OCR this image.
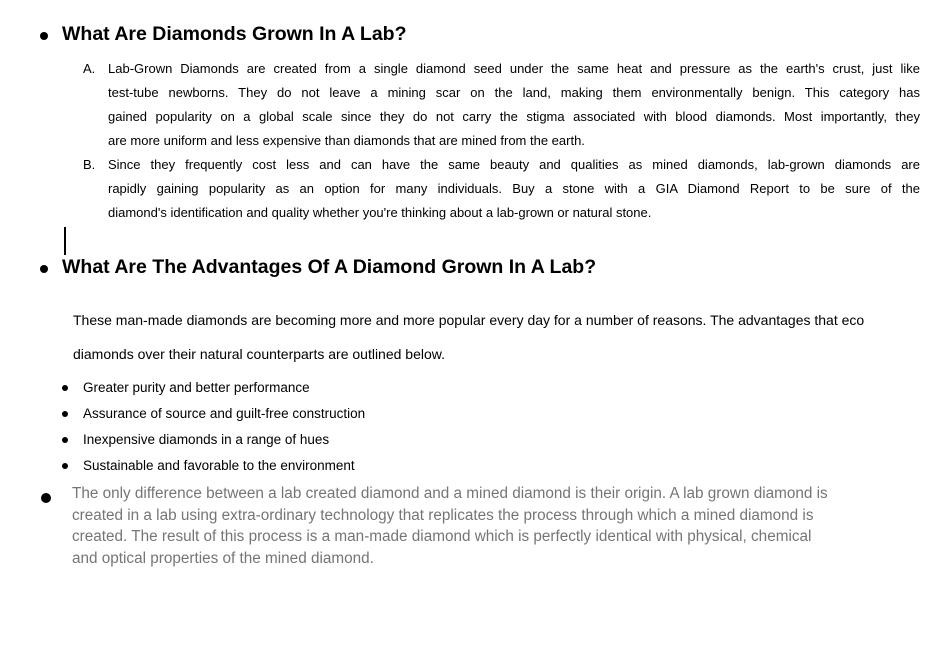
What Are Diamonds Grown In A Lab?
A. Lab-Grown Diamonds are created from a single diamond seed under the same heat and pressure as the earth's crust, just like
test-tube newborns. They do not leave a mining scar on the land, making them environmentally benign. This category has
gained popularity on a global scale since they do not carry the stigma associated with blood diamonds. Most importantly, they
are more uniform and less expensive than diamonds that are mined from the earth.
B. Since they frequently cost less and can have the same beauty and qualities as mined diamonds, lab-grown diamonds are
rapidly gaining popularity as an option for many individuals. Buy a stone with a GIA Diamond Report to be sure of the
diamond's identification and quality whether you're thinking about a lab-grown or natural stone.
What Are The Advantages Of A Diamond Grown In A Lab?
These man-made diamonds are becoming more and more popular every day for a number of reasons. The advantages that eco
diamonds over their natural counterparts are outlined below.
Greater purity and better performance
Assurance of source and guilt-free construction
Inexpensive diamonds in a range of hues
Sustainable and favorable to the environment
The only difference between a lab created diamond and a mined diamond is their origin. A lab grown diamond is
created in a lab using extra-ordinary technology that replicates the process through which a mined diamond is
created. The result of this process is a man-made diamond which is perfectly identical with physical, chemical
and optical properties of the mined diamond.
